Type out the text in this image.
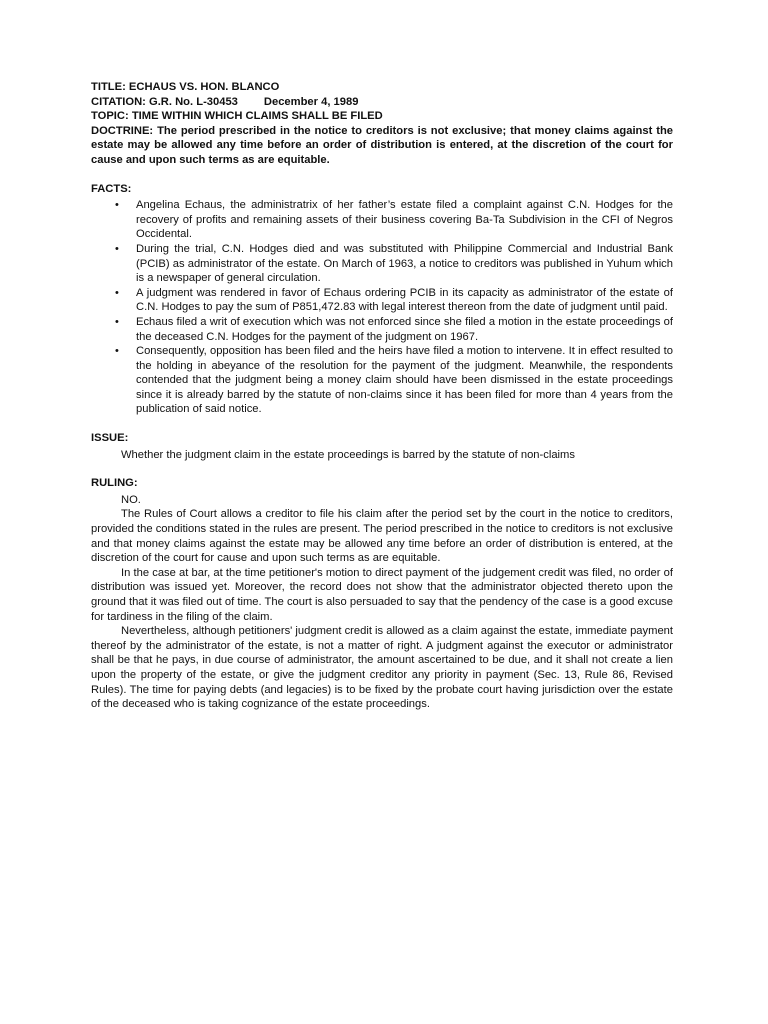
TITLE: ECHAUS VS. HON. BLANCO

CITATION: G.R. No. L-30453 December 4, 1989

TOPIC: TIME WITHIN WHICH CLAIMS SHALL BE FILED

DOCTRINE: The period prescribed in the notice to creditors is not exclusive; that money claims against the estate may be allowed any time before an order of distribution is entered, at the discretion of the court for cause and upon such terms as are equitable.

FACTS:
• Angelina Echaus, the administratrix of her father’s estate filed a complaint against C.N. Hodges for the recovery of profits and remaining assets of their business covering Ba-Ta Subdivision in the CFI of Negros Occidental.
• During the trial, C.N. Hodges died and was substituted with Philippine Commercial and Industrial Bank (PCIB) as administrator of the estate. On March of 1963, a notice to creditors was published in Yuhum which is a newspaper of general circulation.
• A judgment was rendered in favor of Echaus ordering PCIB in its capacity as administrator of the estate of C.N. Hodges to pay the sum of P851,472.83 with legal interest thereon from the date of judgment until paid.
• Echaus filed a writ of execution which was not enforced since she filed a motion in the estate proceedings of the deceased C.N. Hodges for the payment of the judgment on 1967.
• Consequently, opposition has been filed and the heirs have filed a motion to intervene. It in effect resulted to the holding in abeyance of the resolution for the payment of the judgment. Meanwhile, the respondents contended that the judgment being a money claim should have been dismissed in the estate proceedings since it is already barred by the statute of non-claims since it has been filed for more than 4 years from the publication of said notice.
ISSUE:

Whether the judgment claim in the estate proceedings is barred by the statute of non-claims

RULING:

NO.

The Rules of Court allows a creditor to file his claim after the period set by the court in the notice to creditors, provided the conditions stated in the rules are present. The period prescribed in the notice to creditors is not exclusive and that money claims against the estate may be allowed any time before an order of distribution is entered, at the discretion of the court for cause and upon such terms as are equitable.

In the case at bar, at the time petitioner's motion to direct payment of the judgement credit was filed, no order of distribution was issued yet. Moreover, the record does not show that the administrator objected thereto upon the ground that it was filed out of time. The court is also persuaded to say that the pendency of the case is a good excuse for tardiness in the filing of the claim.

Nevertheless, although petitioners' judgment credit is allowed as a claim against the estate, immediate payment thereof by the administrator of the estate, is not a matter of right. A judgment against the executor or administrator shall be that he pays, in due course of administrator, the amount ascertained to be due, and it shall not create a lien upon the property of the estate, or give the judgment creditor any priority in payment (Sec. 13, Rule 86, Revised Rules). The time for paying debts (and legacies) is to be fixed by the probate court having jurisdiction over the estate of the deceased who is taking cognizance of the estate proceedings.
